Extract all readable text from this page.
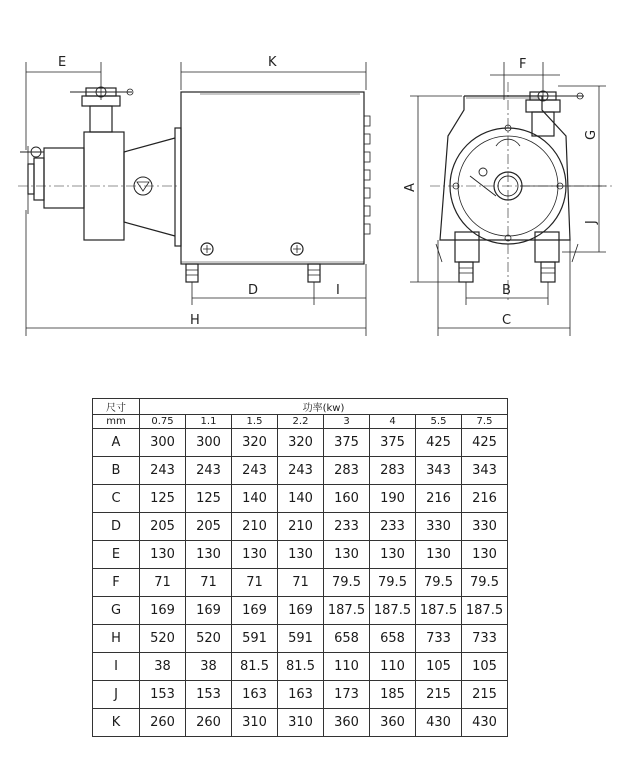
E	K
D	I
H
F
A
G
J
B
C
尺寸	功率(kw)							
mm	0.75	1.1	1.5	2.2	3	4	5.5	7.5
A	300	300	320	320	375	375	425	425
B	243	243	243	243	283	283	343	343
C	125	125	140	140	160	190	216	216
D	205	205	210	210	233	233	330	330
E	130	130	130	130	130	130	130	130
F	71	71	71	71	79.5	79.5	79.5	79.5
G	169	169	169	169	187.5	187.5	187.5	187.5
H	520	520	591	591	658	658	733	733
I	38	38	81.5	81.5	110	110	105	105
J	153	153	163	163	173	185	215	215
K	260	260	310	310	360	360	430	430
